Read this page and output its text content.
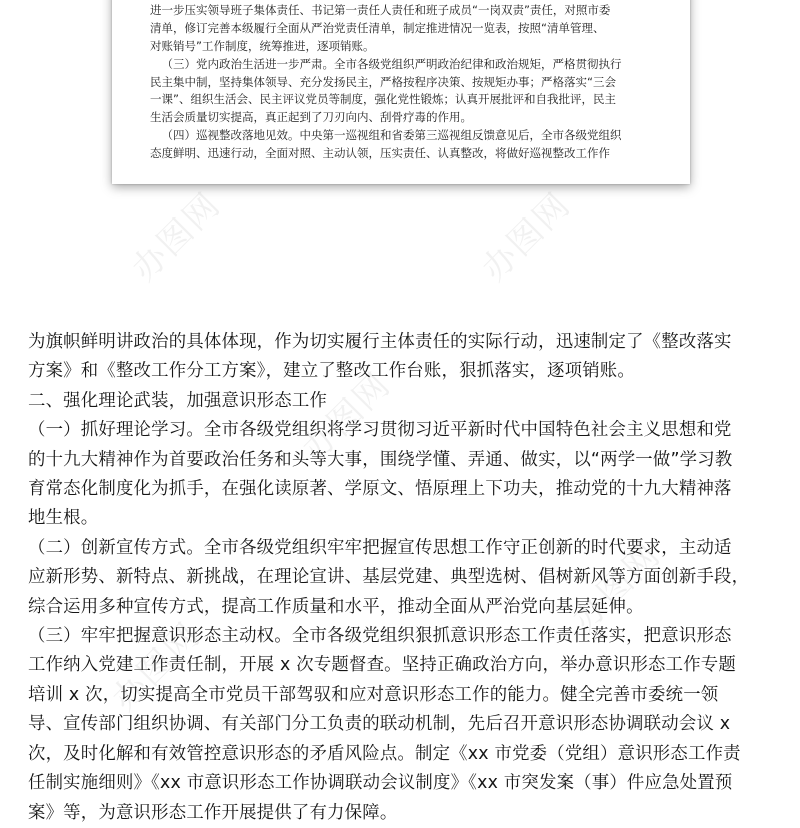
进一步压实领导班子集体责任、书记第一责任人责任和班子成员“一岗双责”责任，对照市委

清单，修订完善本级履行全面从严治党责任清单，制定推进情况一览表，按照“清单管理、

对账销号”工作制度，统筹推进，逐项销账。

（三）党内政治生活进一步严肃。全市各级党组织严明政治纪律和政治规矩，严格贯彻执行

民主集中制，坚持集体领导、充分发扬民主，严格按程序决策、按规矩办事；严格落实“三会

一课”、组织生活会、民主评议党员等制度，强化党性锻炼；认真开展批评和自我批评，民主

生活会质量切实提高，真正起到了刀刃向内、刮骨疗毒的作用。

（四）巡视整改落地见效。中央第一巡视组和省委第三巡视组反馈意见后，全市各级党组织

态度鲜明、迅速行动，全面对照、主动认领，压实责任、认真整改，将做好巡视整改工作作

办图网	办图网
办图网
办图网
办图网

为旗帜鲜明讲政治的具体体现，作为切实履行主体责任的实际行动，迅速制定了《整改落实

方案》和《整改工作分工方案》，建立了整改工作台账，狠抓落实，逐项销账。

二、强化理论武装，加强意识形态工作

（一）抓好理论学习。全市各级党组织将学习贯彻习近平新时代中国特色社会主义思想和党

的十九大精神作为首要政治任务和头等大事，围绕学懂、弄通、做实，以“两学一做”学习教

育常态化制度化为抓手，在强化读原著、学原文、悟原理上下功夫，推动党的十九大精神落

地生根。

（二）创新宣传方式。全市各级党组织牢牢把握宣传思想工作守正创新的时代要求，主动适

应新形势、新特点、新挑战，在理论宣讲、基层党建、典型选树、倡树新风等方面创新手段，

综合运用多种宣传方式，提高工作质量和水平，推动全面从严治党向基层延伸。

（三）牢牢把握意识形态主动权。全市各级党组织狠抓意识形态工作责任落实，把意识形态

工作纳入党建工作责任制，开展 x 次专题督查。坚持正确政治方向，举办意识形态工作专题

培训 x 次，切实提高全市党员干部驾驭和应对意识形态工作的能力。健全完善市委统一领

导、宣传部门组织协调、有关部门分工负责的联动机制，先后召开意识形态协调联动会议 x

次，及时化解和有效管控意识形态的矛盾风险点。制定《xx 市党委（党组）意识形态工作责

任制实施细则》《xx 市意识形态工作协调联动会议制度》《xx 市突发案（事）件应急处置预

案》等，为意识形态工作开展提供了有力保障。
